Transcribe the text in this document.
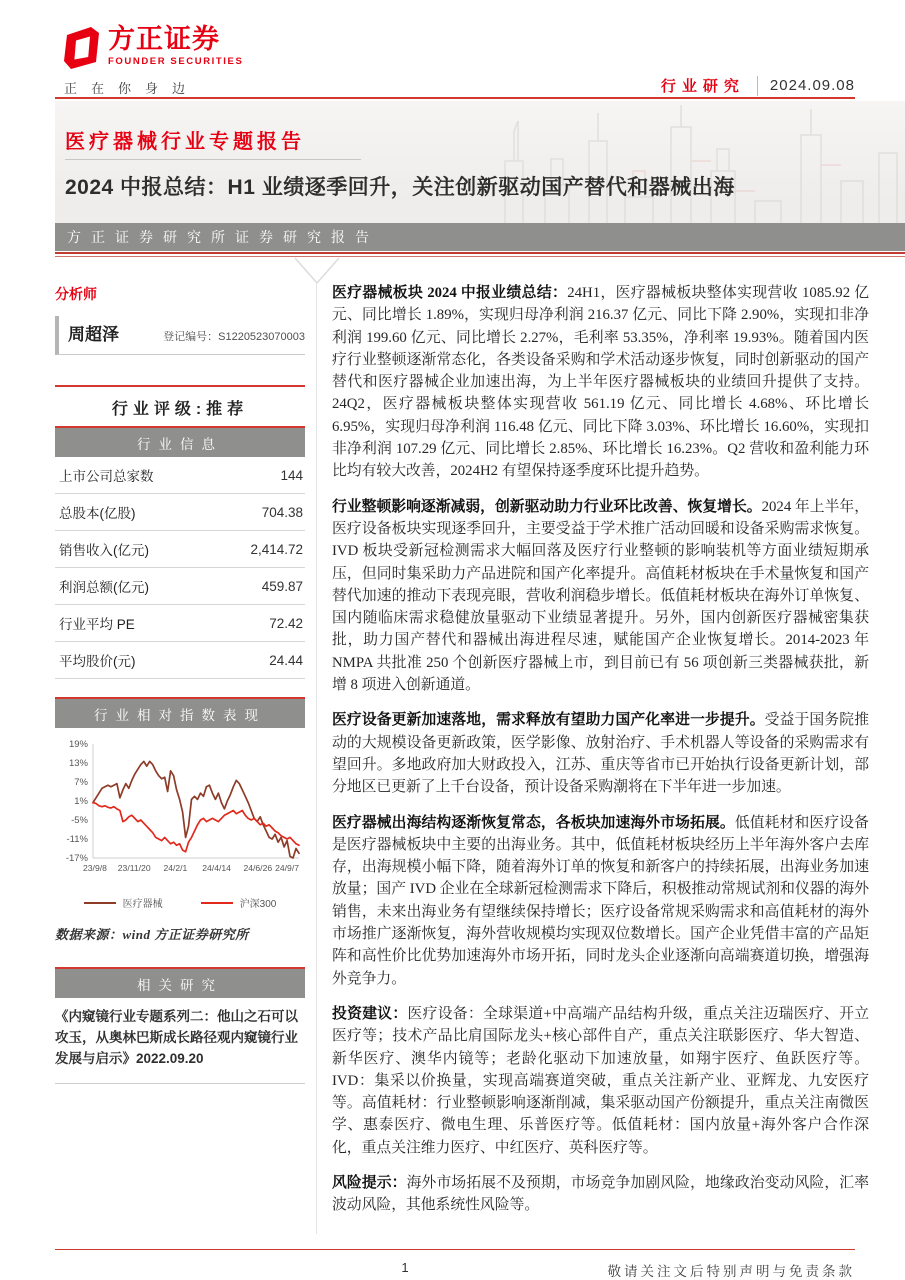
方正证券
FOUNDER SECURITIES
正在你身边	行业研究 2024.09.08
医疗器械行业专题报告
2024 中报总结：H1 业绩逐季回升，关注创新驱动国产替代和器械出海
方正证券研究所证券研究报告
分析师
周超泽	登记编号：S1220523070003
行业评级:推荐
行业信息
上市公司总家数	144
总股本(亿股)	704.38
销售收入(亿元)	2,414.72
利润总额(亿元)	459.87
行业平均 PE	72.42
平均股价(元)	24.44
行业相对指数表现
19%
13%
7%
1%
-5%
-11%
-17%
23/9/8 23/11/20 24/2/1 24/4/14 24/6/26 24/9/7
医疗器械	沪深300
数据来源：wind 方正证券研究所
相关研究
《内窥镜行业专题系列二：他山之石可以攻玉，从奥林巴斯成长路径观内窥镜行业发展与启示》2022.09.20

医疗器械板块 2024 中报业绩总结：24H1，医疗器械板块整体实现营收 1085.92 亿元、同比增长 1.89%，实现归母净利润 216.37 亿元、同比下降 2.90%，实现扣非净利润 199.60 亿元、同比增长 2.27%，毛利率 53.35%，净利率 19.93%。随着国内医疗行业整顿逐渐常态化，各类设备采购和学术活动逐步恢复，同时创新驱动的国产替代和医疗器械企业加速出海，为上半年医疗器械板块的业绩回升提供了支持。24Q2，医疗器械板块整体实现营收 561.19 亿元、同比增长 4.68%、环比增长 6.95%，实现归母净利润 116.48 亿元、同比下降 3.03%、环比增长 16.60%，实现扣非净利润 107.29 亿元、同比增长 2.85%、环比增长 16.23%。Q2 营收和盈利能力环比均有较大改善，2024H2 有望保持逐季度环比提升趋势。

行业整顿影响逐渐减弱，创新驱动助力行业环比改善、恢复增长。2024 年上半年，医疗设备板块实现逐季回升，主要受益于学术推广活动回暖和设备采购需求恢复。IVD 板块受新冠检测需求大幅回落及医疗行业整顿的影响装机等方面业绩短期承压，但同时集采助力产品进院和国产化率提升。高值耗材板块在手术量恢复和国产替代加速的推动下表现亮眼，营收利润稳步增长。低值耗材板块在海外订单恢复、国内随临床需求稳健放量驱动下业绩显著提升。另外，国内创新医疗器械密集获批，助力国产替代和器械出海进程尽速，赋能国产企业恢复增长。2014-2023 年 NMPA 共批准 250 个创新医疗器械上市，到目前已有 56 项创新三类器械获批，新增 8 项进入创新通道。

医疗设备更新加速落地，需求释放有望助力国产化率进一步提升。受益于国务院推动的大规模设备更新政策，医学影像、放射治疗、手术机器人等设备的采购需求有望回升。多地政府加大财政投入，江苏、重庆等省市已开始执行设备更新计划，部分地区已更新了上千台设备，预计设备采购潮将在下半年进一步加速。

医疗器械出海结构逐渐恢复常态，各板块加速海外市场拓展。低值耗材和医疗设备是医疗器械板块中主要的出海业务。其中，低值耗材板块经历上半年海外客户去库存，出海规模小幅下降，随着海外订单的恢复和新客户的持续拓展，出海业务加速放量；国产 IVD 企业在全球新冠检测需求下降后，积极推动常规试剂和仪器的海外销售，未来出海业务有望继续保持增长；医疗设备常规采购需求和高值耗材的海外市场推广逐渐恢复，海外营收规模均实现双位数增长。国产企业凭借丰富的产品矩阵和高性价比优势加速海外市场开拓，同时龙头企业逐渐向高端赛道切换，增强海外竞争力。

投资建议：医疗设备：全球渠道+中高端产品结构升级，重点关注迈瑞医疗、开立医疗等；技术产品比肩国际龙头+核心部件自产，重点关注联影医疗、华大智造、新华医疗、澳华内镜等；老龄化驱动下加速放量，如翔宇医疗、鱼跃医疗等。IVD：集采以价换量，实现高端赛道突破，重点关注新产业、亚辉龙、九安医疗等。高值耗材：行业整顿影响逐渐削减，集采驱动国产份额提升，重点关注南微医学、惠泰医疗、微电生理、乐普医疗等。低值耗材：国内放量+海外客户合作深化，重点关注维力医疗、中红医疗、英科医疗等。

风险提示：海外市场拓展不及预期，市场竞争加剧风险，地缘政治变动风险，汇率波动风险，其他系统性风险等。

1	敬请关注文后特别声明与免责条款
